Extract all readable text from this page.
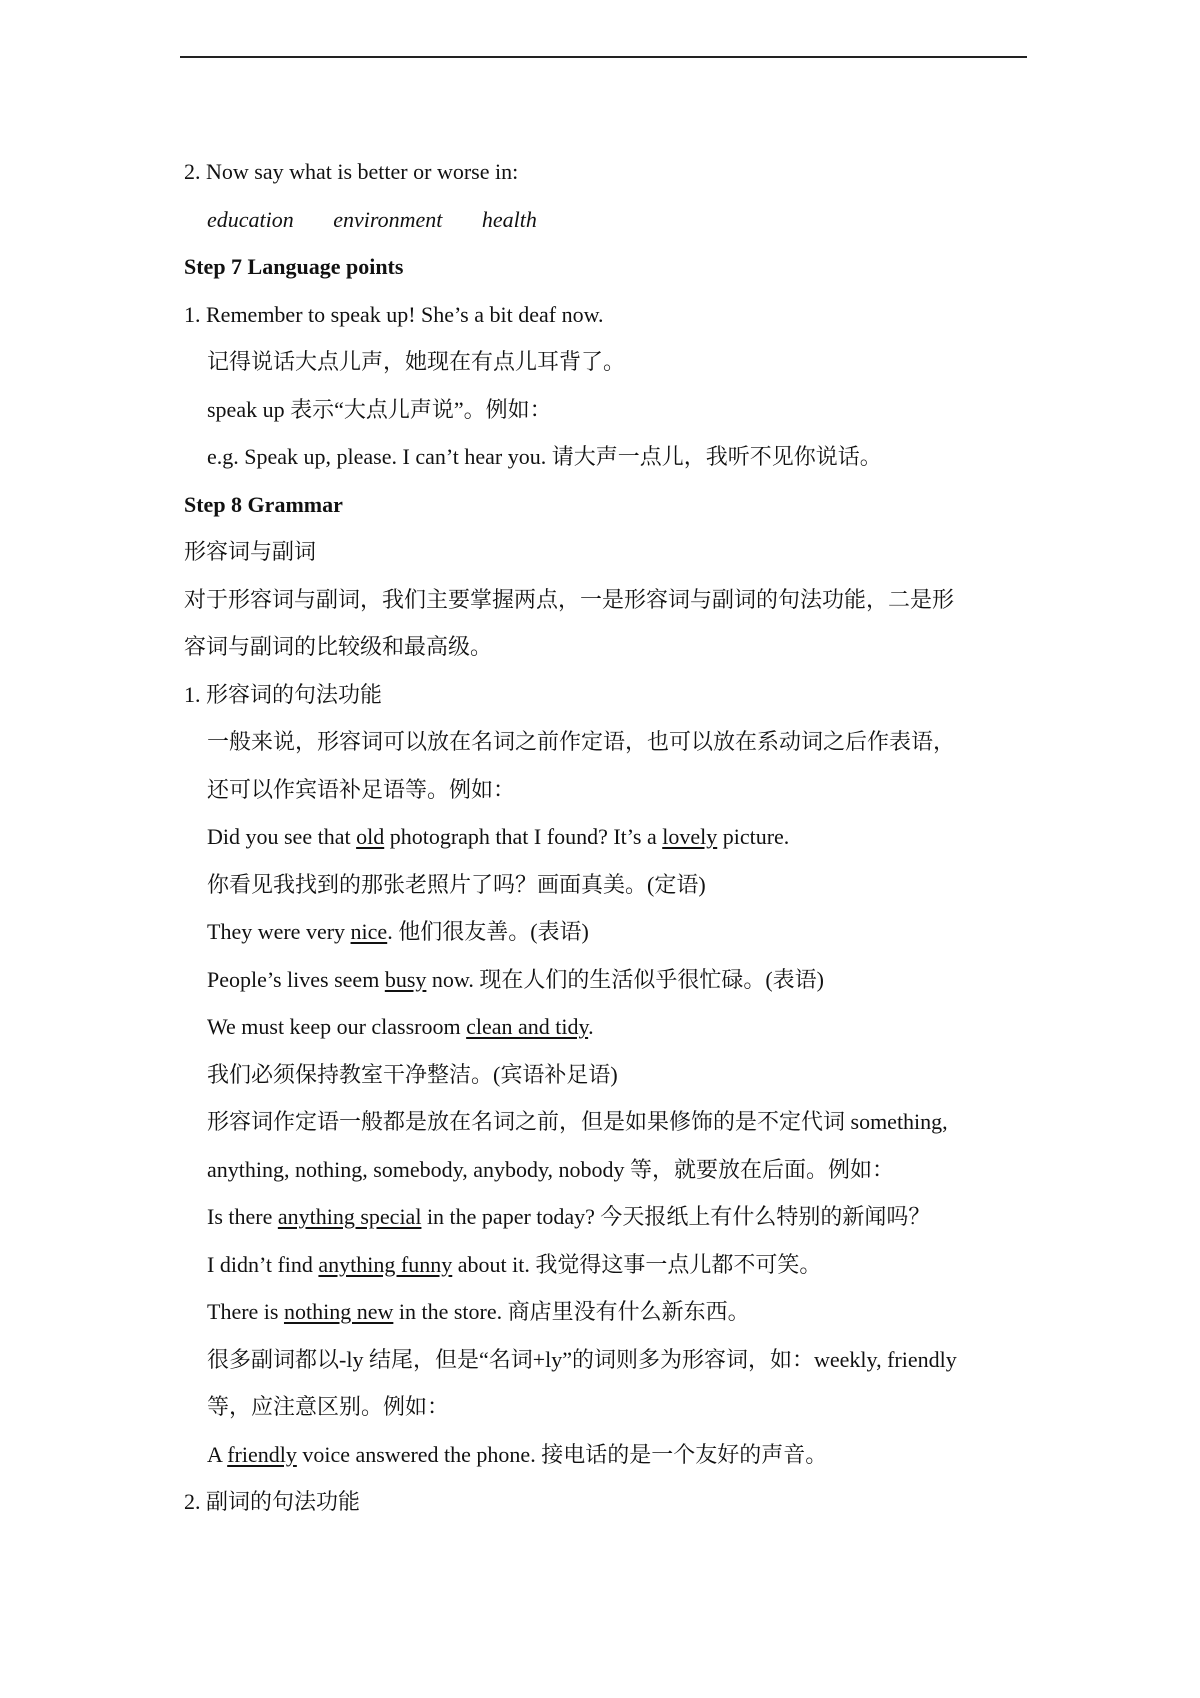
2. Now say what is better or worse in:
education environment health
Step 7 Language points
1. Remember to speak up! She’s a bit deaf now.
记得说话大点儿声，她现在有点儿耳背了。
speak up 表示“大点儿声说”。例如：
e.g. Speak up, please. I can’t hear you. 请大声一点儿，我听不见你说话。
Step 8 Grammar
形容词与副词
对于形容词与副词，我们主要掌握两点，一是形容词与副词的句法功能，二是形
容词与副词的比较级和最高级。
1. 形容词的句法功能
一般来说，形容词可以放在名词之前作定语，也可以放在系动词之后作表语，
还可以作宾语补足语等。例如：
Did you see that old photograph that I found? It’s a lovely picture.
你看见我找到的那张老照片了吗？画面真美。(定语)
They were very nice. 他们很友善。(表语)
People’s lives seem busy now. 现在人们的生活似乎很忙碌。(表语)
We must keep our classroom clean and tidy.
我们必须保持教室干净整洁。(宾语补足语)
形容词作定语一般都是放在名词之前，但是如果修饰的是不定代词 something,
anything, nothing, somebody, anybody, nobody 等，就要放在后面。例如：
Is there anything special in the paper today? 今天报纸上有什么特别的新闻吗？
I didn’t find anything funny about it. 我觉得这事一点儿都不可笑。
There is nothing new in the store. 商店里没有什么新东西。
很多副词都以-ly 结尾，但是“名词+ly”的词则多为形容词，如：weekly, friendly
等，应注意区别。例如：
A friendly voice answered the phone. 接电话的是一个友好的声音。
2. 副词的句法功能
